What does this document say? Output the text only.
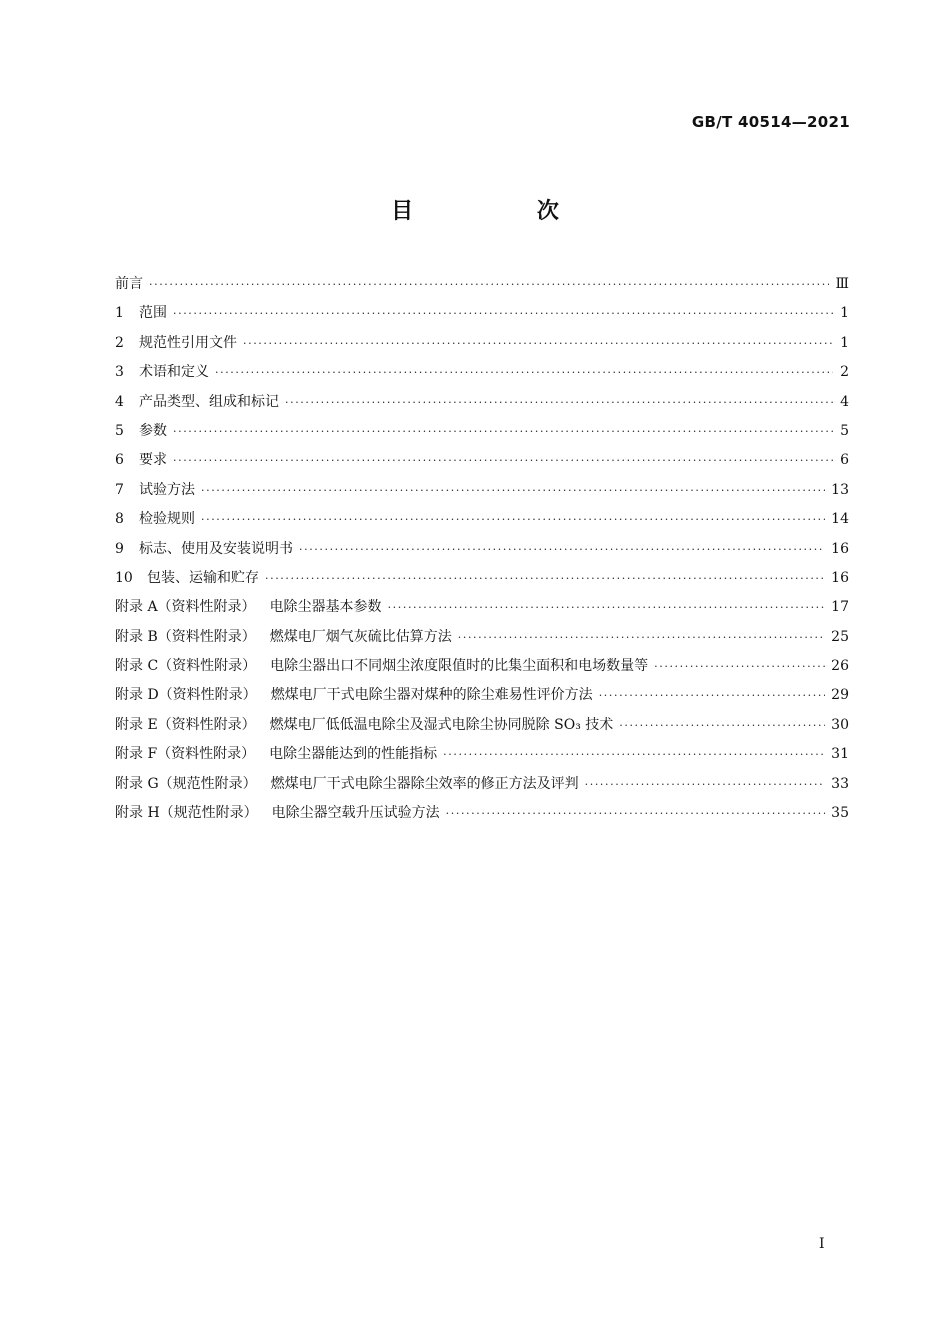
GB/T 40514—2021
目 次
前言 ·····	Ⅲ
1	范围 ·····	1
2	规范性引用文件 ·····	1
3	术语和定义 ·····	2
4	产品类型、组成和标记 ·····	4
5	参数 ·····	5
6	要求 ·····	6
7	试验方法 ·····	13
8	检验规则 ·····	14
9	标志、使用及安装说明书 ·····	16
10	包装、运输和贮存 ·····	16
附录 A（资料性附录） 电除尘器基本参数 ·····	17
附录 B（资料性附录） 燃煤电厂烟气灰硫比估算方法 ·····	25
附录 C（资料性附录） 电除尘器出口不同烟尘浓度限值时的比集尘面积和电场数量等 ·····	26
附录 D（资料性附录） 燃煤电厂干式电除尘器对煤种的除尘难易性评价方法 ·····	29
附录 E（资料性附录） 燃煤电厂低低温电除尘及湿式电除尘协同脱除 SO₃ 技术 ·····	30
附录 F（资料性附录） 电除尘器能达到的性能指标 ·····	31
附录 G（规范性附录） 燃煤电厂干式电除尘器除尘效率的修正方法及评判 ·····	33
附录 H（规范性附录） 电除尘器空载升压试验方法 ·····	35
I
